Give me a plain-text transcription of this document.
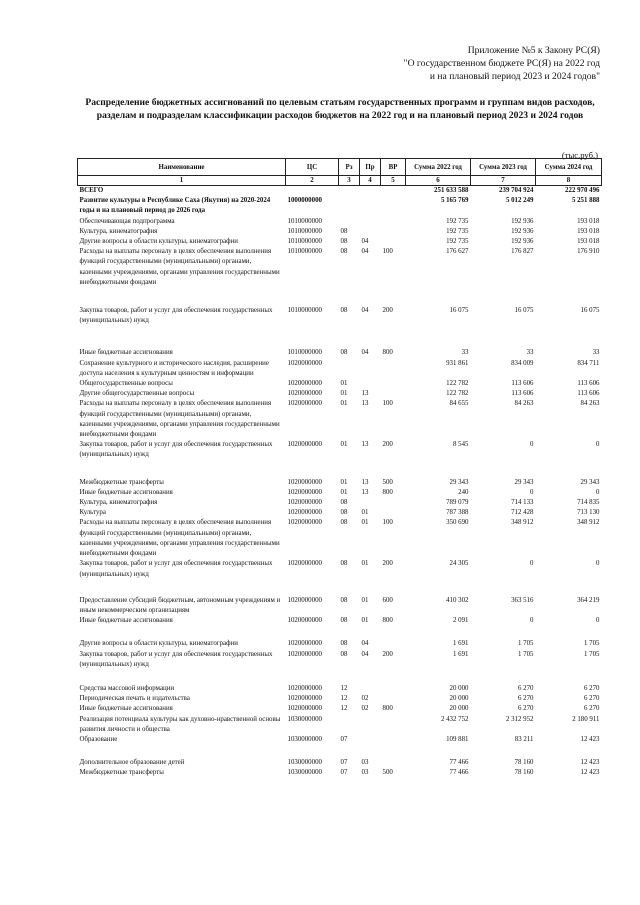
Приложение №5 к Закону РС(Я)
"О государственном бюджете РС(Я) на 2022 год
и на плановый период 2023 и 2024 годов"
Распределение бюджетных ассигнований по целевым статьям государственных программ и группам видов расходов, разделам и подразделам классификации расходов бюджетов на 2022 год и на плановый период 2023 и 2024 годов
(тыс.руб.)
Наименование	ЦС	Рз	Пр	ВР	Сумма 2022 год	Сумма 2023 год	Сумма 2024 год
1	2	3	4	5	6	7	8
ВСЕГО					251 633 588	239 704 924	222 970 496
Развитие культуры в Республике Саха (Якутия) на 2020-2024 годы и на плановый период до 2026 года	1000000000				5 165 769	5 012 249	5 251 888
Обеспечивающая подпрограмма	1010000000				192 735	192 936	193 018
Культура, кинематография	1010000000	08			192 735	192 936	193 018
Другие вопросы в области культуры, кинематографии	1010000000	08	04		192 735	192 936	193 018
Расходы на выплаты персоналу в целях обеспечения выполнения функций государственными (муниципальными) органами, казенными учреждениями, органами управления государственными внебюджетными фондами	1010000000	08	04	100	176 627	176 827	176 910
Закупка товаров, работ и услуг для обеспечения государственных (муниципальных) нужд	1010000000	08	04	200	16 075	16 075	16 075
Иные бюджетные ассигнования	1010000000	08	04	800	33	33	33
Сохранение культурного и исторического наследия, расширение доступа населения к культурным ценностям и информации	1020000000				931 861	834 009	834 711
Общегосударственные вопросы	1020000000	01			122 782	113 606	113 606
Другие общегосударственные вопросы	1020000000	01	13		122 782	113 606	113 606
Расходы на выплаты персоналу в целях обеспечения выполнения функций государственными (муниципальными) органами, казенными учреждениями, органами управления государственными внебюджетными фондами	1020000000	01	13	100	84 655	84 263	84 263
Закупка товаров, работ и услуг для обеспечения государственных (муниципальных) нужд	1020000000	01	13	200	8 545	0	0
Межбюджетные трансферты	1020000000	01	13	500	29 343	29 343	29 343
Иные бюджетные ассигнования	1020000000	01	13	800	240	0	0
Культура, кинематография	1020000000	08			789 079	714 133	714 835
Культура	1020000000	08	01		787 388	712 428	713 130
Расходы на выплаты персоналу в целях обеспечения выполнения функций государственными (муниципальными) органами, казенными учреждениями, органами управления государственными внебюджетными фондами	1020000000	08	01	100	350 690	348 912	348 912
Закупка товаров, работ и услуг для обеспечения государственных (муниципальных) нужд	1020000000	08	01	200	24 305	0	0
Предоставление субсидий бюджетным, автономным учреждениям и иным некоммерческим организациям	1020000000	08	01	600	410 302	363 516	364 219
Иные бюджетные ассигнования	1020000000	08	01	800	2 091	0	0
Другие вопросы в области культуры, кинематографии	1020000000	08	04		1 691	1 705	1 705
Закупка товаров, работ и услуг для обеспечения государственных (муниципальных) нужд	1020000000	08	04	200	1 691	1 705	1 705
Средства массовой информации	1020000000	12			20 000	6 270	6 270
Периодическая печать и издательства	1020000000	12	02		20 000	6 270	6 270
Иные бюджетные ассигнования	1020000000	12	02	800	20 000	6 270	6 270
Реализация потенциала культуры как духовно-нравственной основы развития личности и общества	1030000000				2 432 752	2 312 952	2 180 911
Образование	1030000000	07			109 881	83 211	12 423
Дополнительное образование детей	1030000000	07	03		77 466	78 160	12 423
Межбюджетные трансферты	1030000000	07	03	500	77 466	78 160	12 423
